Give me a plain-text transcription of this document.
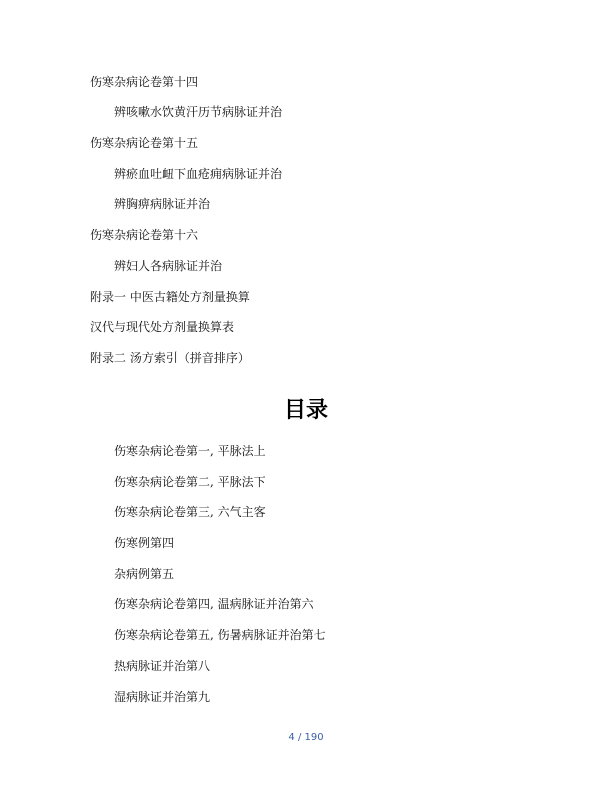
伤寒杂病论卷第十四
辨咳嗽水饮黄汗历节病脉证并治
伤寒杂病论卷第十五
辨瘀血吐衄下血疮痈病脉证并治
辨胸痹病脉证并治
伤寒杂病论卷第十六
辨妇人各病脉证并治
附录一 中医古籍处方剂量换算
汉代与现代处方剂量换算表
附录二 汤方索引（拼音排序）
目录
伤寒杂病论卷第一, 平脉法上
伤寒杂病论卷第二, 平脉法下
伤寒杂病论卷第三, 六气主客
伤寒例第四
杂病例第五
伤寒杂病论卷第四, 温病脉证并治第六
伤寒杂病论卷第五, 伤暑病脉证并治第七
热病脉证并治第八
湿病脉证并治第九
4 / 190
